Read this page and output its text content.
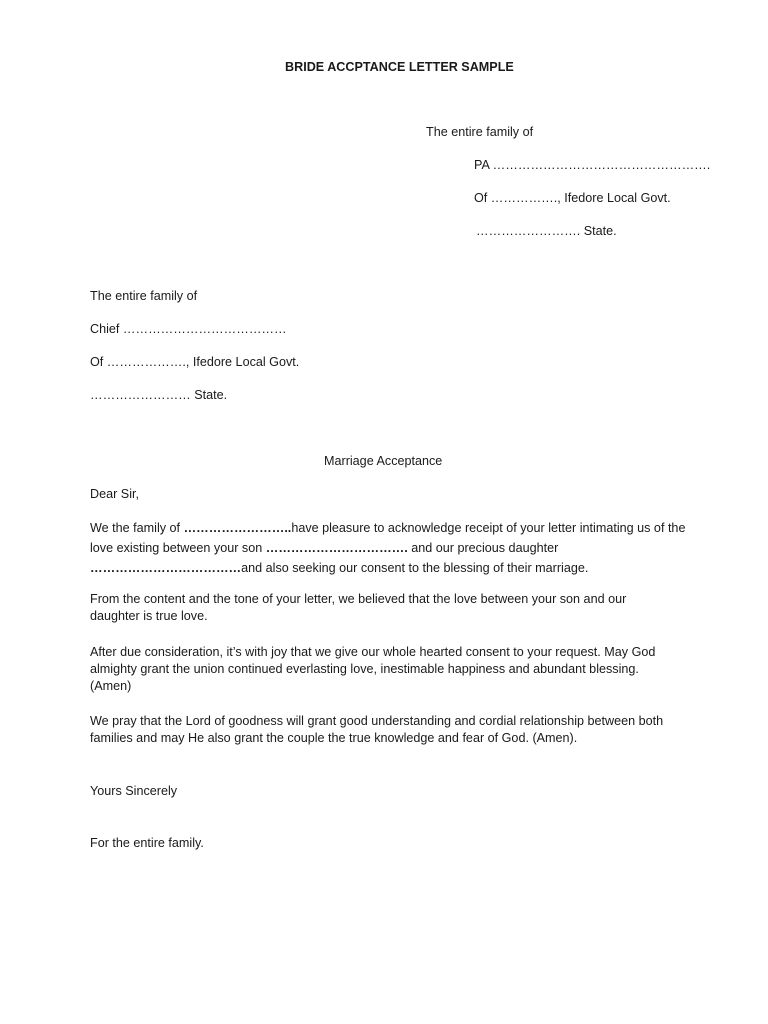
BRIDE ACCPTANCE LETTER SAMPLE
The entire family of
PA …………………………………………….
Of ……………., Ifedore Local Govt.
……………………. State.
The entire family of
Chief …………………………………
Of ………………., Ifedore Local Govt.
…………………… State.
Marriage Acceptance
Dear Sir,
We the family of ……………………..have pleasure to acknowledge receipt of your letter intimating us of the
love existing between your son ……………………………. and our precious daughter
………………………………and also seeking our consent to the blessing of their marriage.
From the content and the tone of your letter, we believed that the love between your son and our
daughter is true love.
After due consideration, it’s with joy that we give our whole hearted consent to your request. May God
almighty grant the union continued everlasting love, inestimable happiness and abundant blessing.
(Amen)
We pray that the Lord of goodness will grant good understanding and cordial relationship between both
families and may He also grant the couple the true knowledge and fear of God. (Amen).
Yours Sincerely
For the entire family.
